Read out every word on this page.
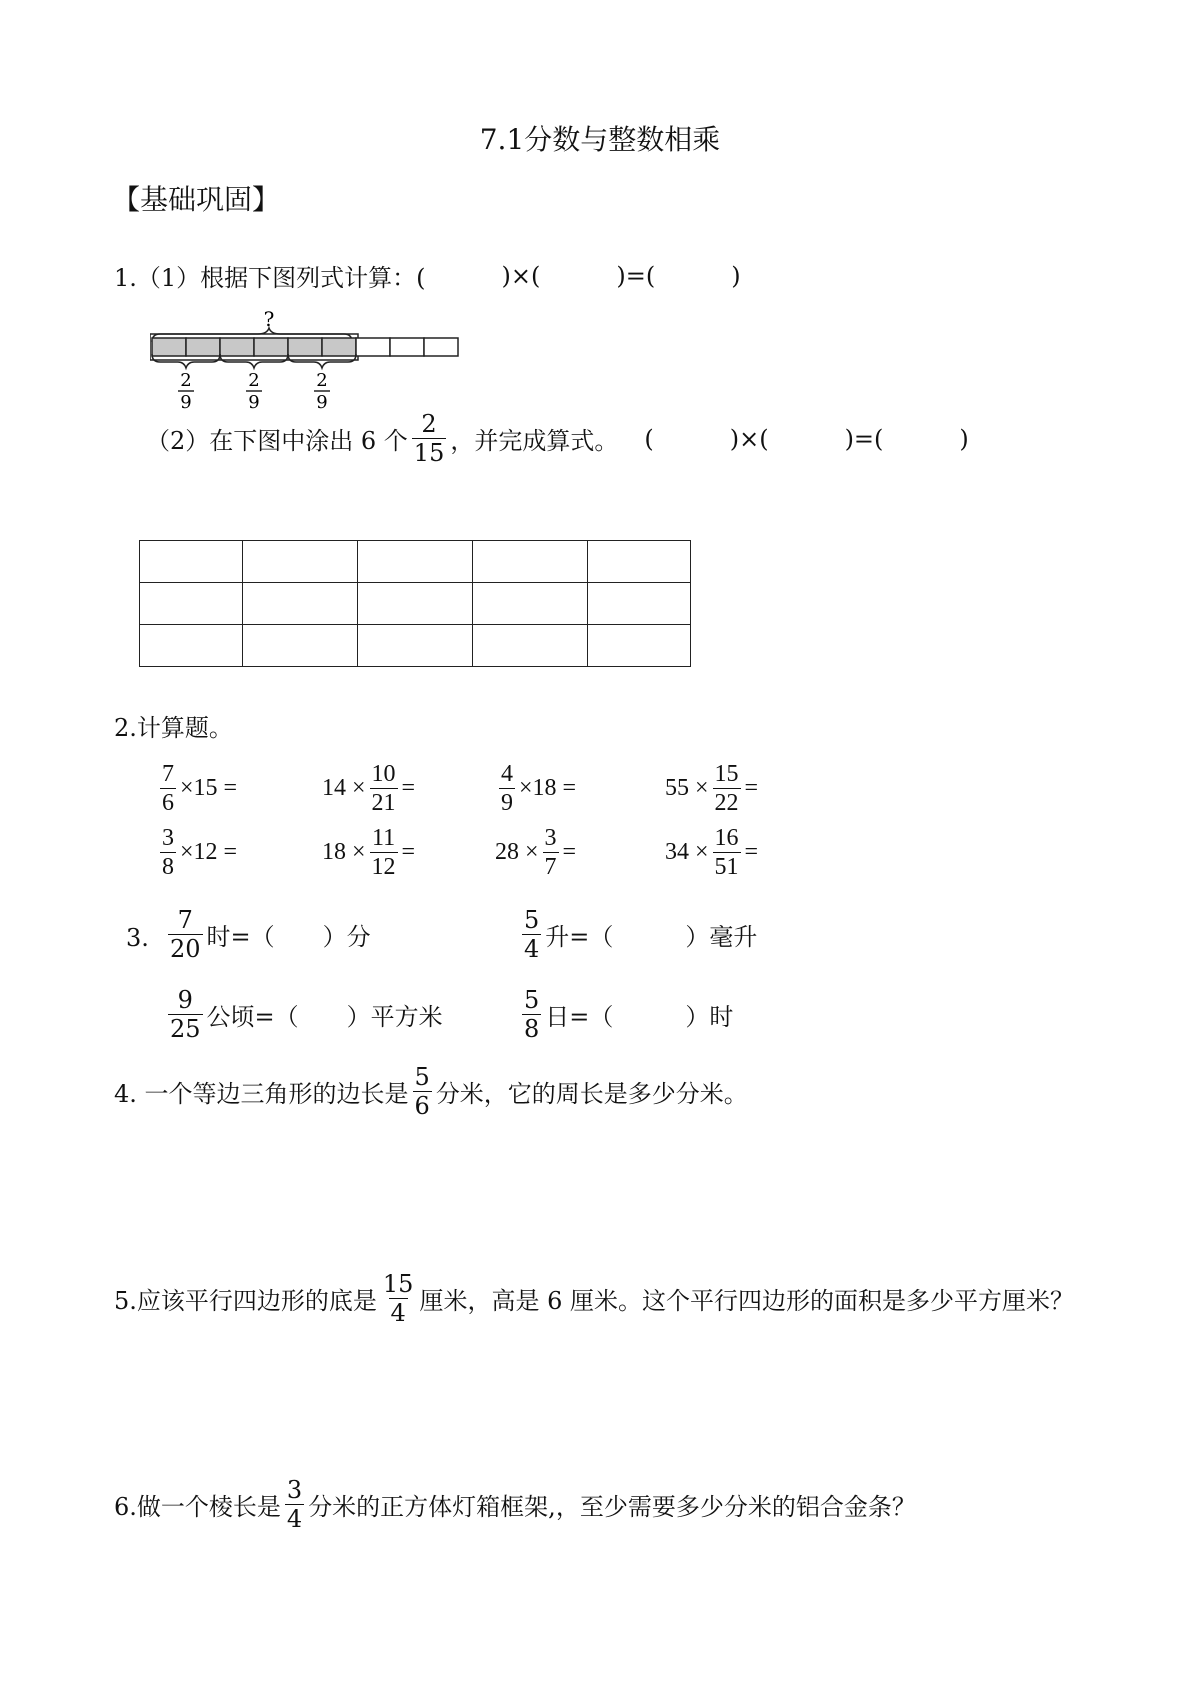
7.1分数与整数相乘
【基础巩固】
1.（1）根据下图列式计算：(	)×(	)=(	)
?
2
9
2
9
2
9
（2）在下图中涂出 6 个 $\frac{2}{15}$ ，并完成算式。 (	)×(	)=(	)

2.计算题。
$\frac{7}{6} \times 15$ =	$14 \times \frac{10}{21}$ =	$\frac{4}{9} \times 18$ =	$55 \times \frac{15}{22}$ =
$\frac{3}{8} \times 12$ =	$18 \times \frac{11}{12}$ =	$28 \times \frac{3}{7}$ =	$34 \times \frac{16}{51}$ =
3. $\frac{7}{20}$ 时=（　　）分	$\frac{5}{4}$ 升=（　　　）毫升
$\frac{9}{25}$ 公顷=（　　）平方米	$\frac{5}{8}$ 日=（　　　）时
4. 一个等边三角形的边长是 $\frac{5}{6}$ 分米，它的周长是多少分米。
5.应该平行四边形的底是 $\frac{15}{4}$ 厘米，高是 6 厘米。这个平行四边形的面积是多少平方厘米？
6.做一个棱长是 $\frac{3}{4}$ 分米的正方体灯箱框架,，至少需要多少分米的铝合金条？
